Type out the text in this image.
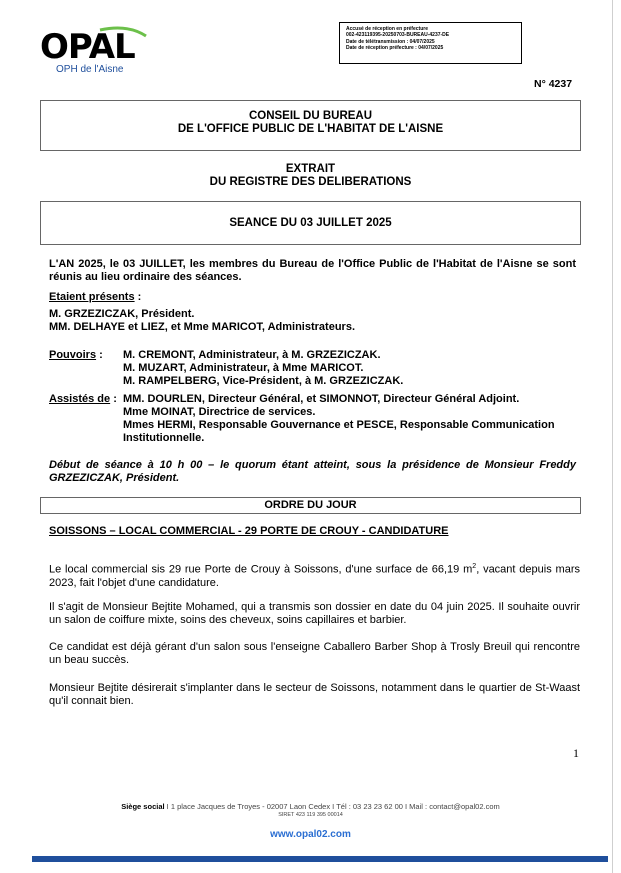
OPAL
OPH de l'Aisne
Accusé de réception en préfecture
002-423119395-20250703-BUREAU-4237-DE
Date de télétransmission : 04/07/2025
Date de réception préfecture : 04/07/2025
N° 4237
CONSEIL DU BUREAU
DE L'OFFICE PUBLIC DE L'HABITAT DE L'AISNE
EXTRAIT
DU REGISTRE DES DELIBERATIONS
SEANCE DU 03 JUILLET 2025
L'AN 2025, le 03 JUILLET, les membres du Bureau de l'Office Public de l'Habitat de l'Aisne se sont réunis au lieu ordinaire des séances.
Etaient présents :
M. GRZEZICZAK, Président.
MM. DELHAYE et LIEZ, et Mme MARICOT, Administrateurs.
Pouvoirs : M. CREMONT, Administrateur, à M. GRZEZICZAK.
M. MUZART, Administrateur, à Mme MARICOT.
M. RAMPELBERG, Vice-Président, à M. GRZEZICZAK.
Assistés de : MM. DOURLEN, Directeur Général, et SIMONNOT, Directeur Général Adjoint.
Mme MOINAT, Directrice de services.
Mmes HERMI, Responsable Gouvernance et PESCE, Responsable Communication
Institutionnelle.
Début de séance à 10 h 00 – le quorum étant atteint, sous la présidence de Monsieur Freddy GRZEZICZAK, Président.
ORDRE DU JOUR
SOISSONS – LOCAL COMMERCIAL - 29 PORTE DE CROUY - CANDIDATURE
Le local commercial sis 29 rue Porte de Crouy à Soissons, d'une surface de 66,19 $m^2$, vacant depuis mars 2023, fait l'objet d'une candidature.
Il s'agit de Monsieur Bejtite Mohamed, qui a transmis son dossier en date du 04 juin 2025. Il souhaite ouvrir un salon de coiffure mixte, soins des cheveux, soins capillaires et barbier.
Ce candidat est déjà gérant d'un salon sous l'enseigne Caballero Barber Shop à Trosly Breuil qui rencontre un beau succès.
Monsieur Bejtite désirerait s'implanter dans le secteur de Soissons, notamment dans le quartier de St-Waast qu'il connait bien.
1
Siège social I 1 place Jacques de Troyes - 02007 Laon Cedex I Tél : 03 23 23 62 00 I Mail : contact@opal02.com
SIRET 423 119 395 00014
www.opal02.com
